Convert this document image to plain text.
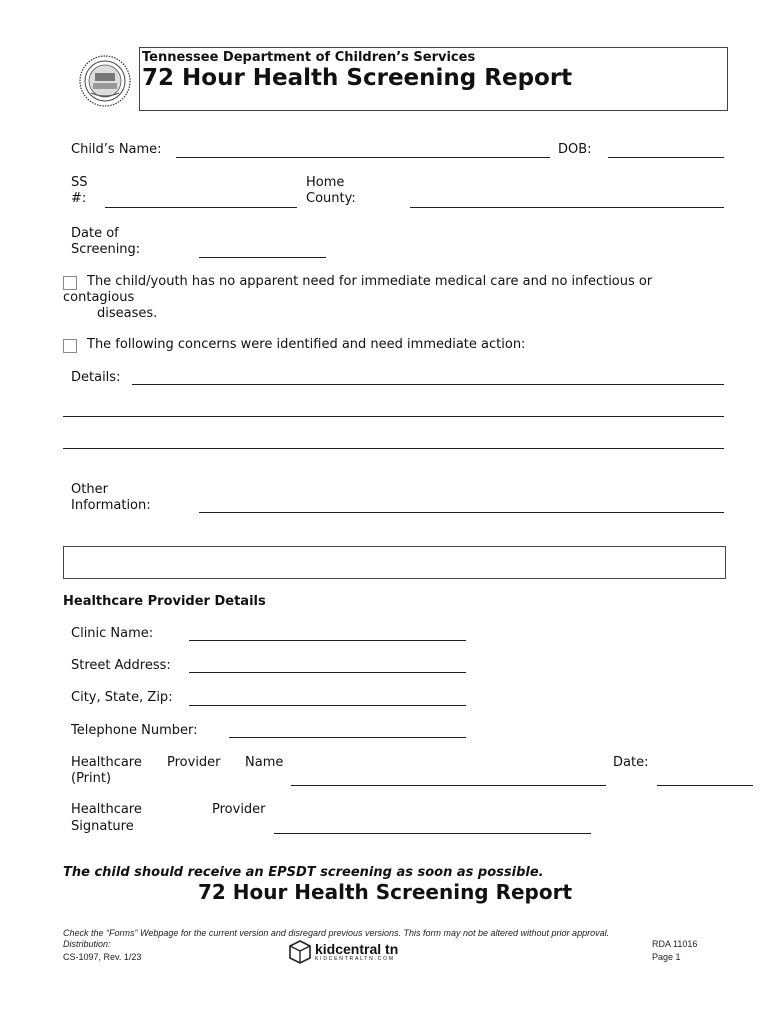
Tennessee Department of Children’s Services
72 Hour Health Screening Report
Child’s Name:	DOB:
SS
#:
Home
County:
Date of
Screening:
The child/youth has no apparent need for immediate medical care and no infectious or
contagious
diseases.
The following concerns were identified and need immediate action:
Details:
Other
Information:
Healthcare Provider Details
Clinic Name:
Street Address:
City, State, Zip:
Telephone Number:
Healthcare Provider Name
(Print)
Date:
Healthcare	Provider
Signature
The child should receive an EPSDT screening as soon as possible.
72 Hour Health Screening Report
Check the “Forms” Webpage for the current version and disregard previous versions. This form may not be altered without prior approval.
Distribution:
CS-1097, Rev. 1/23
RDA 11016
Page 1
kidcentral tn
KIDCENTRALTN.COM
